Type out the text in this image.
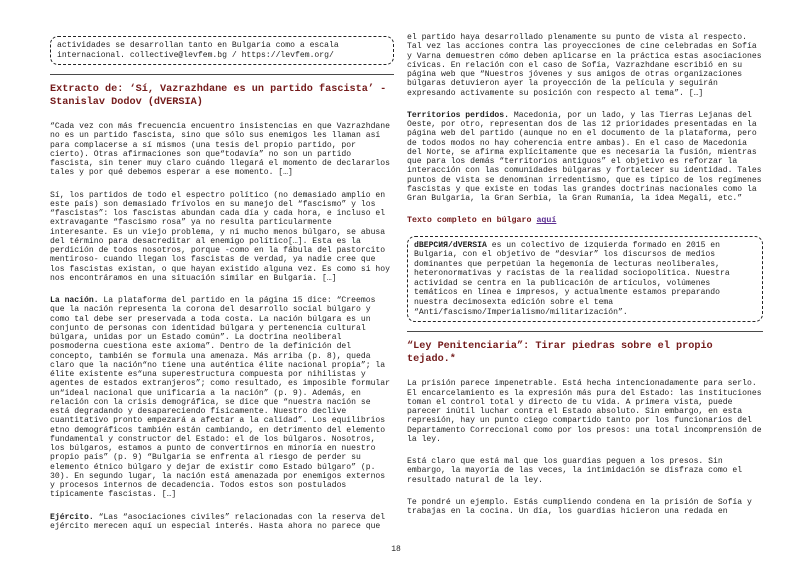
actividades se desarrollan tanto en Bulgaria como a escala internacional. collective@levfem.bg / https://levfem.org/
Extracto de: ‘Sí, Vazrazhdane es un partido fascista’ - Stanislav Dodov (dVERSIA)

“Cada vez con más frecuencia encuentro insistencias en que Vazrazhdane no es un partido fascista, sino que sólo sus enemigos les llaman así para complacerse a sí mismos (una tesis del propio partido, por cierto). Otras afirmaciones son que“todavía” no son un partido fascista, sin tener muy claro cuándo llegará el momento de declararlos tales y por qué debemos esperar a ese momento. […]

Sí, los partidos de todo el espectro político (no demasiado amplio en este país) son demasiado frívolos en su manejo del “fascismo” y los “fascistas”: los fascistas abundan cada día y cada hora, e incluso el extravagante “fascismo rosa” ya no resulta particularmente interesante. Es un viejo problema, y ni mucho menos búlgaro, se abusa del término para desacreditar al enemigo político[…]. Esta es la perdición de todos nosotros, porque -como en la fábula del pastorcito mentiroso- cuando llegan los fascistas de verdad, ya nadie cree que los fascistas existan, o que hayan existido alguna vez. Es como si hoy nos encontráramos en una situación similar en Bulgaria. […]

La nación. La plataforma del partido en la página 15 dice: “Creemos que la nación representa la corona del desarrollo social búlgaro y como tal debe ser preservada a toda costa. La nación búlgara es un conjunto de personas con identidad búlgara y pertenencia cultural búlgara, unidas por un Estado común”. La doctrina neoliberal posmoderna cuestiona este axioma”. Dentro de la definición del concepto, también se formula una amenaza. Más arriba (p. 8), queda claro que la nación“no tiene una auténtica élite nacional propia”; la élite existente es“una superestructura compuesta por nihilistas y agentes de estados extranjeros”; como resultado, es imposible formular un“ideal nacional que unificaría a la nación” (p. 9). Además, en relación con la crisis demográfica, se dice que “nuestra nación se está degradando y desapareciendo físicamente. Nuestro declive cuantitativo pronto empezará a afectar a la calidad”. Los equilibrios etno demográficos también están cambiando, en detrimento del elemento fundamental y constructor del Estado: el de los búlgaros. Nosotros, los búlgaros, estamos a punto de convertirnos en minoría en nuestro propio país” (p. 9) “Bulgaria se enfrenta al riesgo de perder su elemento étnico búlgaro y dejar de existir como Estado búlgaro” (p. 30). En segundo lugar, la nación está amenazada por enemigos externos y procesos internos de decadencia. Todos estos son postulados típicamente fascistas. […]

Ejército. “Las “asociaciones civiles” relacionadas con la reserva del ejército merecen aquí un especial interés. Hasta ahora no parece que

el partido haya desarrollado plenamente su punto de vista al respecto. Tal vez las acciones contra las proyecciones de cine celebradas en Sofía y Varna demuestren cómo deben aplicarse en la práctica estas asociaciones cívicas. En relación con el caso de Sofía, Vazrazhdane escribió en su página web que “Nuestros jóvenes y sus amigos de otras organizaciones búlgaras detuvieron ayer la proyección de la película y seguirán expresando activamente su posición con respecto al tema”. […]

Territorios perdidos. Macedonia, por un lado, y las Tierras Lejanas del Oeste, por otro, representan dos de las 12 prioridades presentadas en la página web del partido (aunque no en el documento de la plataforma, pero de todos modos no hay coherencia entre ambas). En el caso de Macedonia del Norte, se afirma explícitamente que es necesaria la fusión, mientras que para los demás “territorios antiguos” el objetivo es reforzar la interacción con las comunidades búlgaras y fortalecer su identidad. Tales puntos de vista se denominan irredentismo, que es típico de los regímenes fascistas y que existe en todas las grandes doctrinas nacionales como la Gran Bulgaria, la Gran Serbia, la Gran Rumanía, la idea Megali, etc.”

Texto completo en búlgaro aquí

dВЕРСИЯ/dVERSIA es un colectivo de izquierda formado en 2015 en Bulgaria, con el objetivo de “desviar” los discursos de medios dominantes que perpetúan la hegemonía de lecturas neoliberales, heteronormativas y racistas de la realidad sociopolítica. Nuestra actividad se centra en la publicación de artículos, volúmenes temáticos en línea e impresos, y actualmente estamos preparando nuestra decimosexta edición sobre el tema “Anti/fascismo/Imperialismo/militarización”.
“Ley Penitenciaria”: Tirar piedras sobre el propio tejado.*

La prisión parece impenetrable. Está hecha intencionadamente para serlo. El encarcelamiento es la expresión más pura del Estado: las instituciones toman el control total y directo de tu vida. A primera vista, puede parecer inútil luchar contra el Estado absoluto. Sin embargo, en esta represión, hay un punto ciego compartido tanto por los funcionarios del Departamento Correccional como por los presos: una total incomprensión de la ley.

Está claro que está mal que los guardias peguen a los presos. Sin embargo, la mayoría de las veces, la intimidación se disfraza como el resultado natural de la ley.

Te pondré un ejemplo. Estás cumpliendo condena en la prisión de Sofía y trabajas en la cocina. Un día, los guardias hicieron una redada en

18
